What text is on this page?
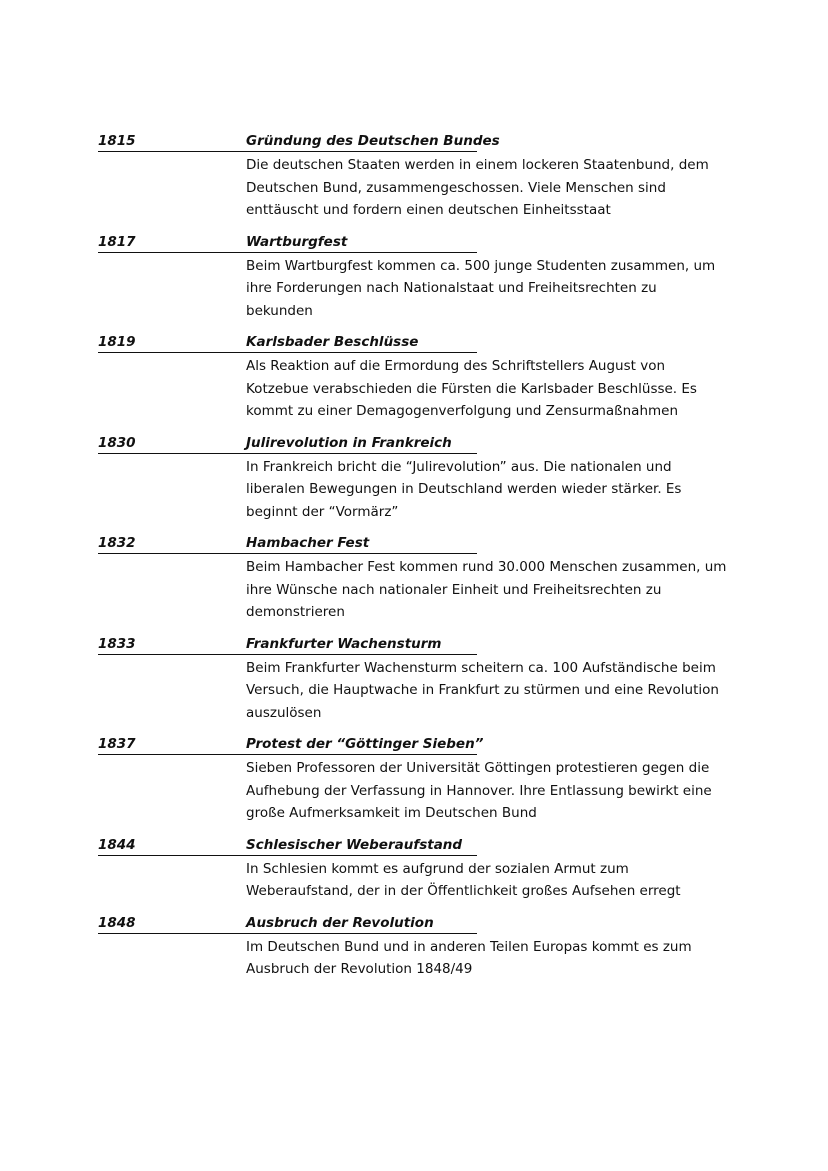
1815	Gründung des Deutschen Bundes
Die deutschen Staaten werden in einem lockeren Staatenbund, dem
Deutschen Bund, zusammengeschossen. Viele Menschen sind
enttäuscht und fordern einen deutschen Einheitsstaat
1817	Wartburgfest
Beim Wartburgfest kommen ca. 500 junge Studenten zusammen, um
ihre Forderungen nach Nationalstaat und Freiheitsrechten zu
bekunden
1819	Karlsbader Beschlüsse
Als Reaktion auf die Ermordung des Schriftstellers August von
Kotzebue verabschieden die Fürsten die Karlsbader Beschlüsse. Es
kommt zu einer Demagogenverfolgung und Zensurmaßnahmen
1830	Julirevolution in Frankreich
In Frankreich bricht die “Julirevolution” aus. Die nationalen und
liberalen Bewegungen in Deutschland werden wieder stärker. Es
beginnt der “Vormärz”
1832	Hambacher Fest
Beim Hambacher Fest kommen rund 30.000 Menschen zusammen, um
ihre Wünsche nach nationaler Einheit und Freiheitsrechten zu
demonstrieren
1833	Frankfurter Wachensturm
Beim Frankfurter Wachensturm scheitern ca. 100 Aufständische beim
Versuch, die Hauptwache in Frankfurt zu stürmen und eine Revolution
auszulösen
1837	Protest der “Göttinger Sieben”
Sieben Professoren der Universität Göttingen protestieren gegen die
Aufhebung der Verfassung in Hannover. Ihre Entlassung bewirkt eine
große Aufmerksamkeit im Deutschen Bund
1844	Schlesischer Weberaufstand
In Schlesien kommt es aufgrund der sozialen Armut zum
Weberaufstand, der in der Öffentlichkeit großes Aufsehen erregt
1848	Ausbruch der Revolution
Im Deutschen Bund und in anderen Teilen Europas kommt es zum
Ausbruch der Revolution 1848/49
